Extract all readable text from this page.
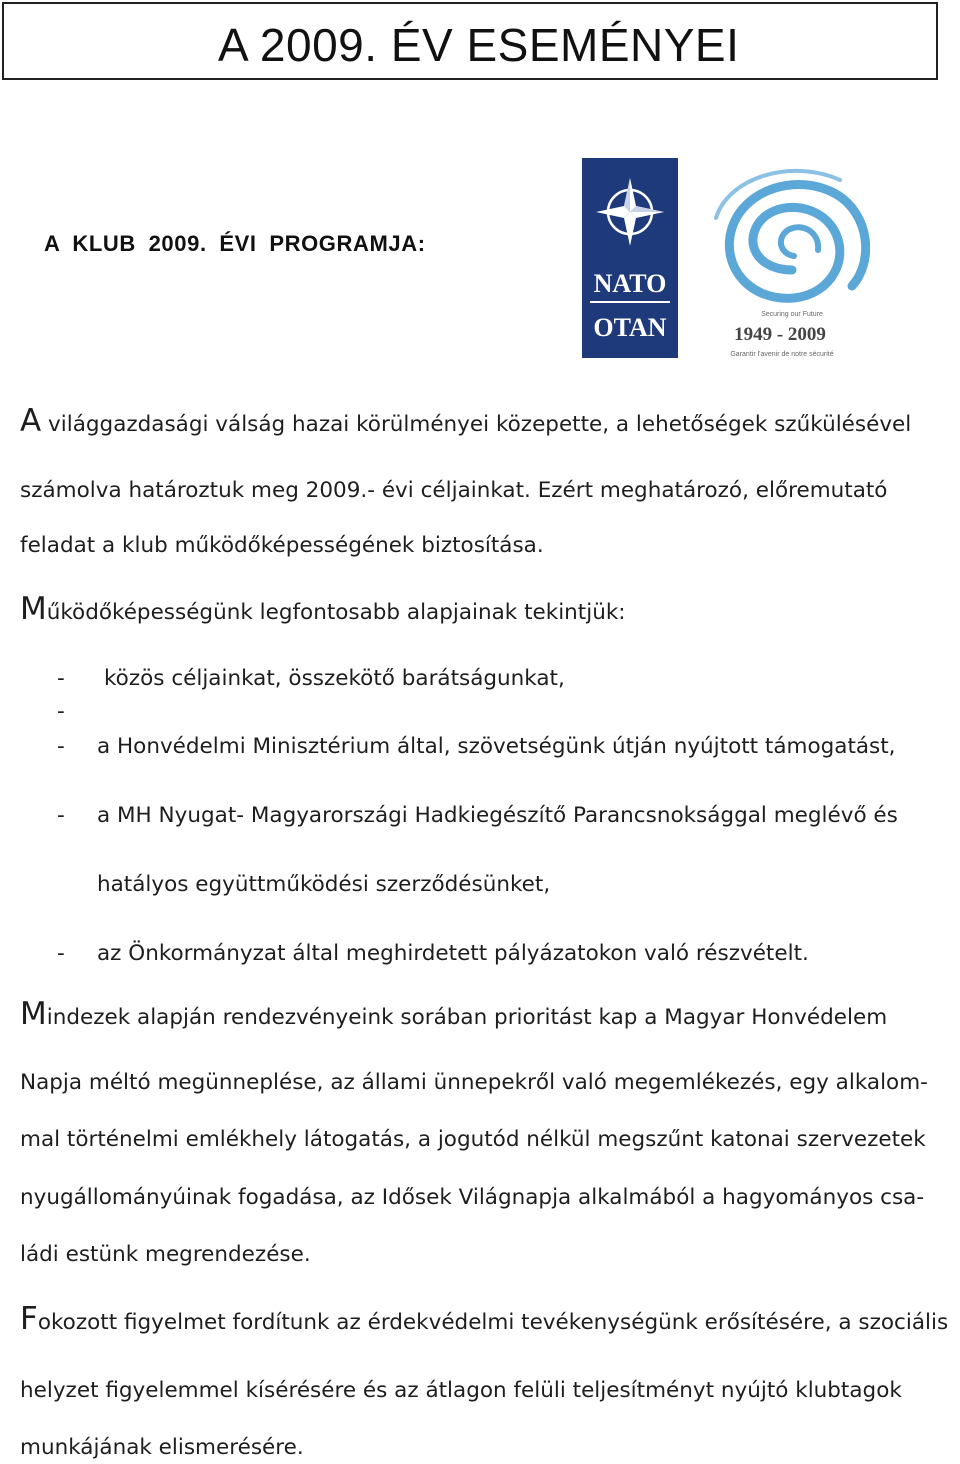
A 2009. ÉV ESEMÉNYEI
A KLUB 2009. ÉVI PROGRAMJA:
NATO
OTAN	Securing our Future
1949 - 2009
Garantir l'avenir de notre sécurité
A világgazdasági válság hazai körülményei közepette, a lehetőségek szűkülésével
számolva határoztuk meg 2009.- évi céljainkat. Ezért meghatározó, előremutató
feladat a klub működőképességének biztosítása.
Működőképességünk legfontosabb alapjainak tekintjük:
- közös céljainkat, összekötő barátságunkat,
-
- a Honvédelmi Minisztérium által, szövetségünk útján nyújtott támogatást,
- a MH Nyugat- Magyarországi Hadkiegészítő Parancsnoksággal meglévő és
hatályos együttműködési szerződésünket,
- az Önkormányzat által meghirdetett pályázatokon való részvételt.
Mindezek alapján rendezvényeink sorában prioritást kap a Magyar Honvédelem
Napja méltó megünneplése, az állami ünnepekről való megemlékezés, egy alkalom-
mal történelmi emlékhely látogatás, a jogutód nélkül megszűnt katonai szervezetek
nyugállományúinak fogadása, az Idősek Világnapja alkalmából a hagyományos csa-
ládi estünk megrendezése.
Fokozott figyelmet fordítunk az érdekvédelmi tevékenységünk erősítésére, a szociális
helyzet figyelemmel kísérésére és az átlagon felüli teljesítményt nyújtó klubtagok
munkájának elismerésére.
